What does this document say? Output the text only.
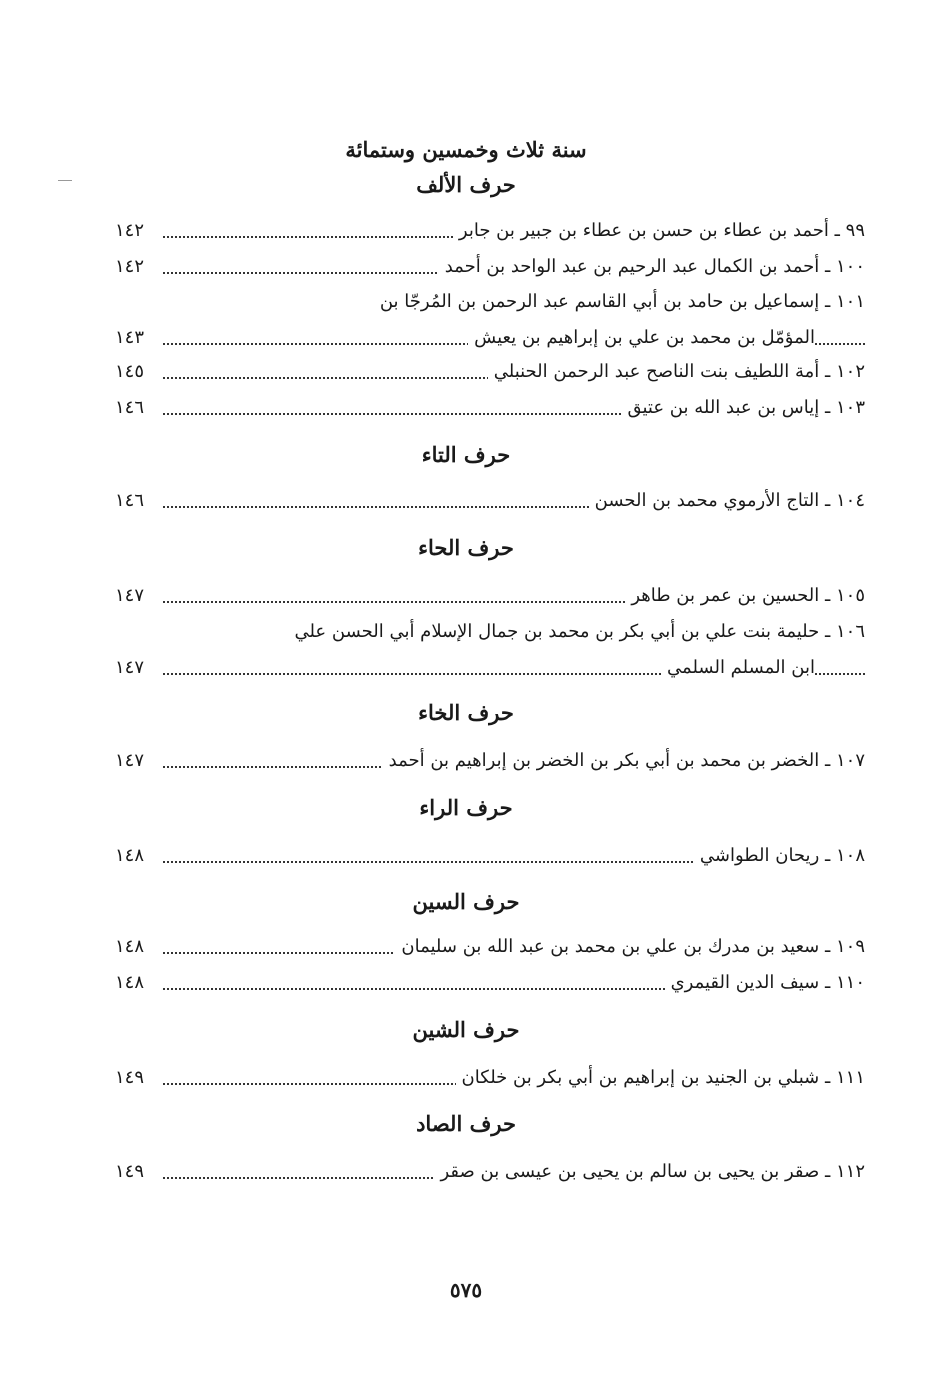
سنة ثلاث وخمسين وستمائة
حرف الألف
٩٩ ـ أحمد بن عطاء بن حسن بن عطاء بن جبير بن جابر
١٤٢
١٠٠ ـ أحمد بن الكمال عبد الرحيم بن عبد الواحد بن أحمد
١٤٢
١٠١ ـ إسماعيل بن حامد بن أبي القاسم عبد الرحمن بن المُرجّا بن
المؤمّل بن محمد بن علي بن إبراهيم بن يعيش
١٤٣
١٠٢ ـ أمة اللطيف بنت الناصح عبد الرحمن الحنبلي
١٤٥
١٠٣ ـ إياس بن عبد الله بن عتيق
١٤٦
حرف التاء
١٠٤ ـ التاج الأرموي محمد بن الحسن
١٤٦
حرف الحاء
١٠٥ ـ الحسين بن عمر بن طاهر
١٤٧
١٠٦ ـ حليمة بنت علي بن أبي بكر بن محمد بن جمال الإسلام أبي الحسن علي
ابن المسلم السلمي
١٤٧
حرف الخاء
١٠٧ ـ الخضر بن محمد بن أبي بكر بن الخضر بن إبراهيم بن أحمد
١٤٧
حرف الراء
١٠٨ ـ ريحان الطواشي
١٤٨
حرف السين
١٠٩ ـ سعيد بن مدرك بن علي بن محمد بن عبد الله بن سليمان
١٤٨
١١٠ ـ سيف الدين القيمري
١٤٨
حرف الشين
١١١ ـ شبلي بن الجنيد بن إبراهيم بن أبي بكر بن خلكان
١٤٩
حرف الصاد
١١٢ ـ صقر بن يحيى بن سالم بن يحيى بن عيسى بن صقر
١٤٩
٥٧٥
